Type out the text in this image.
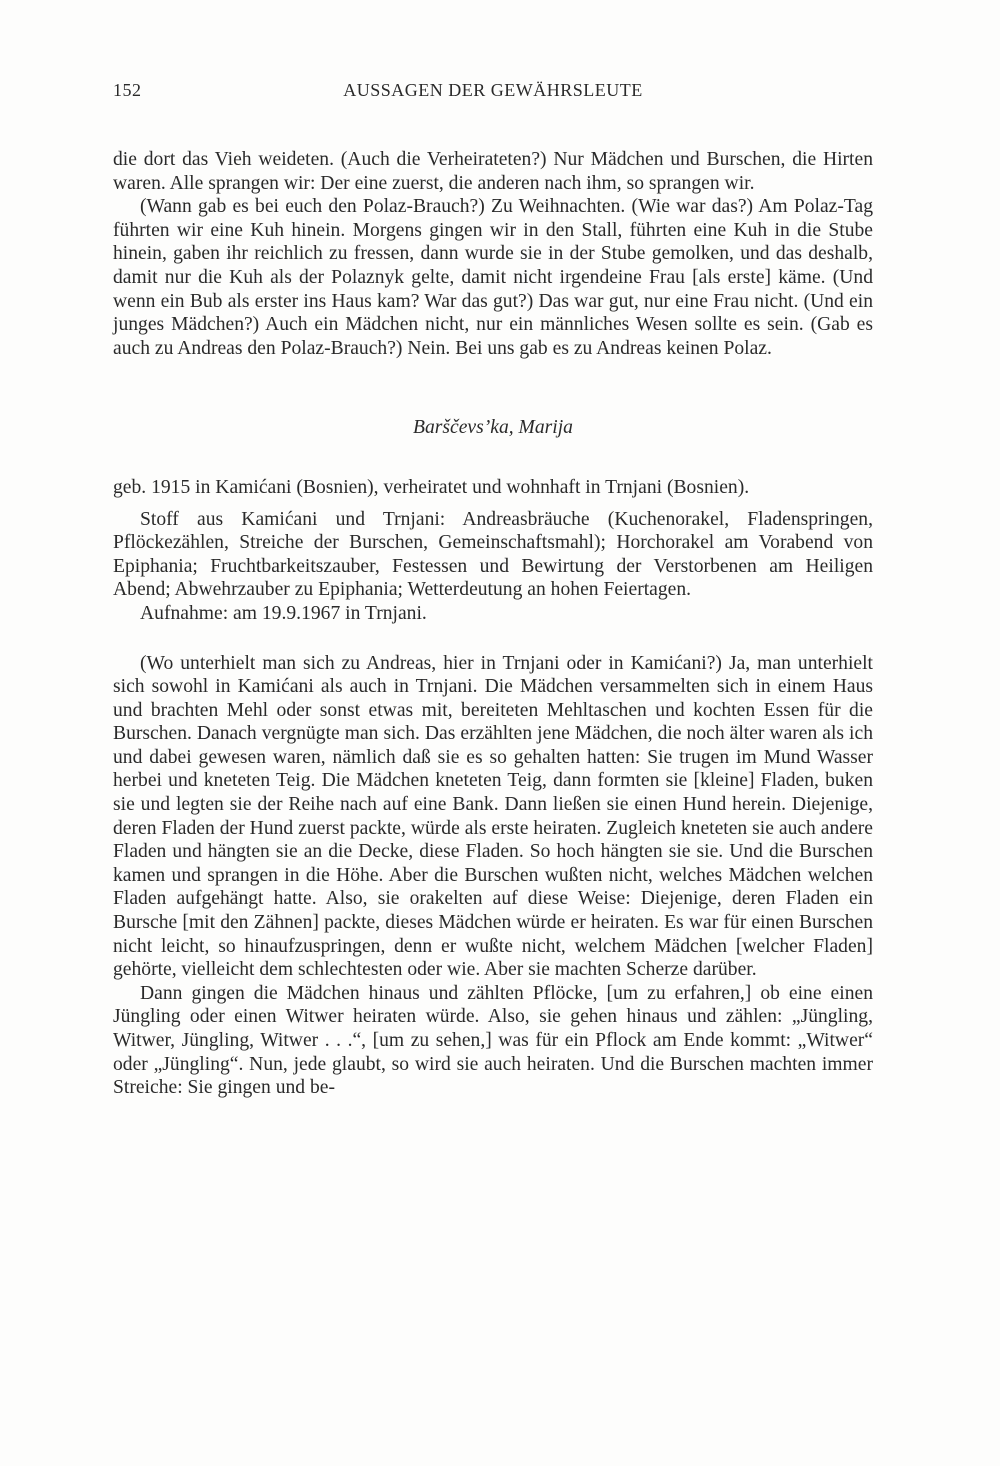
152	AUSSAGEN DER GEWÄHRSLEUTE

die dort das Vieh weideten. (Auch die Verheirateten?) Nur Mädchen und Burschen, die Hirten waren. Alle sprangen wir: Der eine zuerst, die anderen nach ihm, so sprangen wir.

(Wann gab es bei euch den Polaz-Brauch?) Zu Weihnachten. (Wie war das?) Am Polaz-Tag führten wir eine Kuh hinein. Morgens gingen wir in den Stall, führten eine Kuh in die Stube hinein, gaben ihr reichlich zu fressen, dann wurde sie in der Stube gemolken, und das deshalb, damit nur die Kuh als der Polaznyk gelte, damit nicht irgendeine Frau [als erste] käme. (Und wenn ein Bub als erster ins Haus kam? War das gut?) Das war gut, nur eine Frau nicht. (Und ein junges Mädchen?) Auch ein Mädchen nicht, nur ein männliches Wesen sollte es sein. (Gab es auch zu Andreas den Polaz-Brauch?) Nein. Bei uns gab es zu Andreas keinen Polaz.

Barščevs’ka, Marija

geb. 1915 in Kamićani (Bosnien), verheiratet und wohnhaft in Trnjani (Bosnien).

Stoff aus Kamićani und Trnjani: Andreasbräuche (Kuchenorakel, Fladenspringen, Pflöckezählen, Streiche der Burschen, Gemeinschaftsmahl); Horchorakel am Vorabend von Epiphania; Fruchtbarkeitszauber, Festessen und Bewirtung der Verstorbenen am Heiligen Abend; Abwehrzauber zu Epiphania; Wetterdeutung an hohen Feiertagen.

Aufnahme: am 19.9.1967 in Trnjani.

(Wo unterhielt man sich zu Andreas, hier in Trnjani oder in Kamićani?) Ja, man unterhielt sich sowohl in Kamićani als auch in Trnjani. Die Mädchen versammelten sich in einem Haus und brachten Mehl oder sonst etwas mit, bereiteten Mehltaschen und kochten Essen für die Burschen. Danach vergnügte man sich. Das erzählten jene Mädchen, die noch älter waren als ich und dabei gewesen waren, nämlich daß sie es so gehalten hatten: Sie trugen im Mund Wasser herbei und kneteten Teig. Die Mädchen kneteten Teig, dann formten sie [kleine] Fladen, buken sie und legten sie der Reihe nach auf eine Bank. Dann ließen sie einen Hund herein. Diejenige, deren Fladen der Hund zuerst packte, würde als erste heiraten. Zugleich kneteten sie auch andere Fladen und hängten sie an die Decke, diese Fladen. So hoch hängten sie sie. Und die Burschen kamen und sprangen in die Höhe. Aber die Burschen wußten nicht, welches Mädchen welchen Fladen aufgehängt hatte. Also, sie orakelten auf diese Weise: Diejenige, deren Fladen ein Bursche [mit den Zähnen] packte, dieses Mädchen würde er heiraten. Es war für einen Burschen nicht leicht, so hinaufzuspringen, denn er wußte nicht, welchem Mädchen [welcher Fladen] gehörte, vielleicht dem schlechtesten oder wie. Aber sie machten Scherze darüber.

Dann gingen die Mädchen hinaus und zählten Pflöcke, [um zu erfahren,] ob eine einen Jüngling oder einen Witwer heiraten würde. Also, sie gehen hinaus und zählen: „Jüngling, Witwer, Jüngling, Witwer . . .“, [um zu sehen,] was für ein Pflock am Ende kommt: „Witwer“ oder „Jüngling“. Nun, jede glaubt, so wird sie auch heiraten. Und die Burschen machten immer Streiche: Sie gingen und be-
